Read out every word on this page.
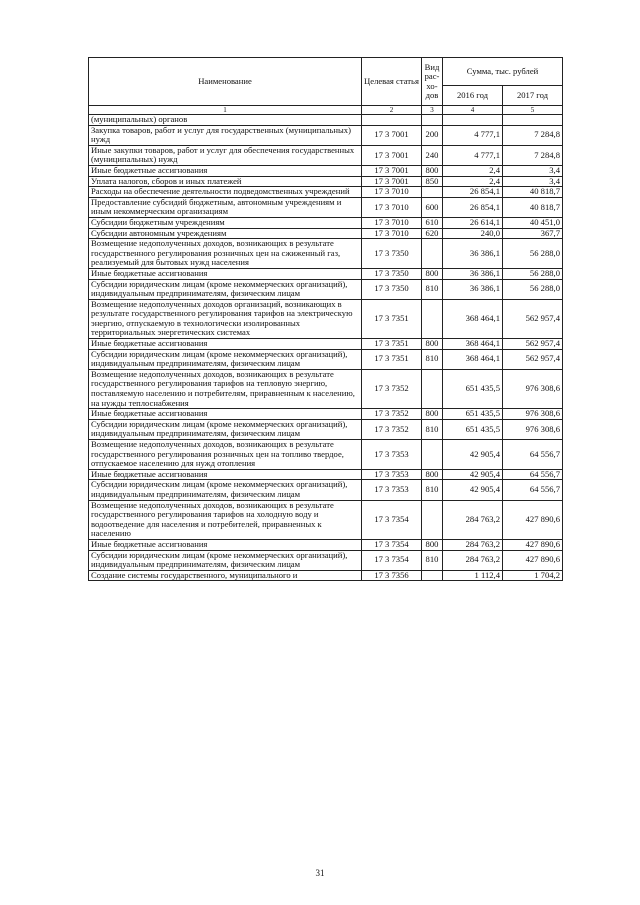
Наименование	Целевая статья	Вид
рас-
хо-
дов	Сумма, тыс. рублей	
			2016 год	2017 год
1	2	3	4	5
(муниципальных) органов				
Закупка товаров, работ и услуг для государственных (муниципальных) нужд	17 3 7001	200	4 777,1	7 284,8
Иные закупки товаров, работ и услуг для обеспечения государственных (муниципальных) нужд	17 3 7001	240	4 777,1	7 284,8
Иные бюджетные ассигнования	17 3 7001	800	2,4	3,4
Уплата налогов, сборов и иных платежей	17 3 7001	850	2,4	3,4
Расходы на обеспечение деятельности подведомственных учреждений	17 3 7010		26 854,1	40 818,7
Предоставление субсидий бюджетным, автономным учреждениям и иным некоммерческим организациям	17 3 7010	600	26 854,1	40 818,7
Субсидии бюджетным учреждениям	17 3 7010	610	26 614,1	40 451,0
Субсидии автономным учреждениям	17 3 7010	620	240,0	367,7
Возмещение недополученных доходов, возникающих в результате государственного регулирования розничных цен на сжиженный газ, реализуемый для бытовых нужд населения	17 3 7350		36 386,1	56 288,0
Иные бюджетные ассигнования	17 3 7350	800	36 386,1	56 288,0
Субсидии юридическим лицам (кроме некоммерческих организаций), индивидуальным предпринимателям, физическим лицам	17 3 7350	810	36 386,1	56 288,0
Возмещение недополученных доходов организаций, возникающих в результате государственного регулирования тарифов на электрическую энергию, отпускаемую в технологически изолированных территориальных энергетических системах	17 3 7351		368 464,1	562 957,4
Иные бюджетные ассигнования	17 3 7351	800	368 464,1	562 957,4
Субсидии юридическим лицам (кроме некоммерческих организаций), индивидуальным предпринимателям, физическим лицам	17 3 7351	810	368 464,1	562 957,4
Возмещение недополученных доходов, возникающих в результате государственного регулирования тарифов на тепловую энергию, поставляемую населению и потребителям, приравненным к населению, на нужды теплоснабжения	17 3 7352		651 435,5	976 308,6
Иные бюджетные ассигнования	17 3 7352	800	651 435,5	976 308,6
Субсидии юридическим лицам (кроме некоммерческих организаций), индивидуальным предпринимателям, физическим лицам	17 3 7352	810	651 435,5	976 308,6
Возмещение недополученных доходов, возникающих в результате государственного регулирования розничных цен на топливо твердое, отпускаемое населению для нужд отопления	17 3 7353		42 905,4	64 556,7
Иные бюджетные ассигнования	17 3 7353	800	42 905,4	64 556,7
Субсидии юридическим лицам (кроме некоммерческих организаций), индивидуальным предпринимателям, физическим лицам	17 3 7353	810	42 905,4	64 556,7
Возмещение недополученных доходов, возникающих в результате государственного регулирования тарифов на холодную воду и водоотведение для населения и потребителей, приравненных к населению	17 3 7354		284 763,2	427 890,6
Иные бюджетные ассигнования	17 3 7354	800	284 763,2	427 890,6
Субсидии юридическим лицам (кроме некоммерческих организаций), индивидуальным предпринимателям, физическим лицам	17 3 7354	810	284 763,2	427 890,6
Создание системы государственного, муниципального и	17 3 7356		1 112,4	1 704,2
31
